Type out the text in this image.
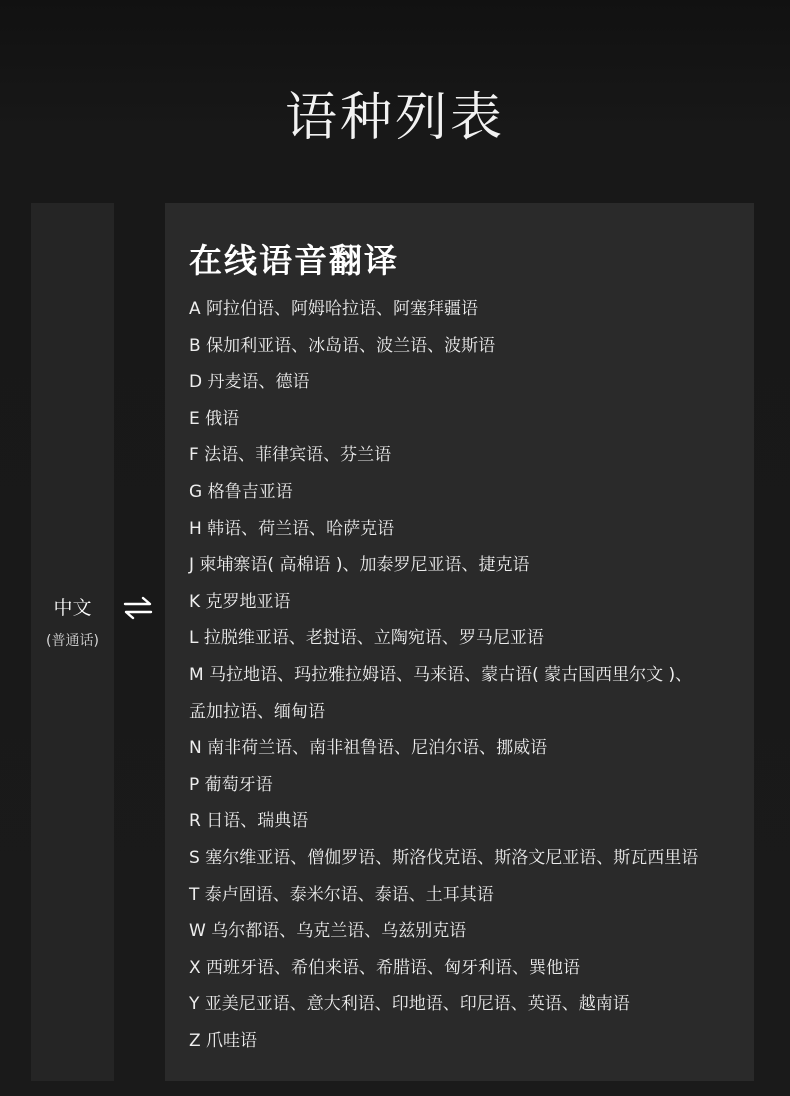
语种列表
中文
(普通话)
在线语音翻译
A 阿拉伯语、阿姆哈拉语、阿塞拜疆语
B 保加利亚语、冰岛语、波兰语、波斯语
D 丹麦语、德语
E 俄语
F 法语、菲律宾语、芬兰语
G 格鲁吉亚语
H 韩语、荷兰语、哈萨克语
J 柬埔寨语( 高棉语 )、加泰罗尼亚语、捷克语
K 克罗地亚语
L 拉脱维亚语、老挝语、立陶宛语、罗马尼亚语
M 马拉地语、玛拉雅拉姆语、马来语、蒙古语( 蒙古国西里尔文 )、
孟加拉语、缅甸语
N 南非荷兰语、南非祖鲁语、尼泊尔语、挪威语
P 葡萄牙语
R 日语、瑞典语
S 塞尔维亚语、僧伽罗语、斯洛伐克语、斯洛文尼亚语、斯瓦西里语
T 泰卢固语、泰米尔语、泰语、土耳其语
W 乌尔都语、乌克兰语、乌兹别克语
X 西班牙语、希伯来语、希腊语、匈牙利语、巽他语
Y 亚美尼亚语、意大利语、印地语、印尼语、英语、越南语
Z 爪哇语
